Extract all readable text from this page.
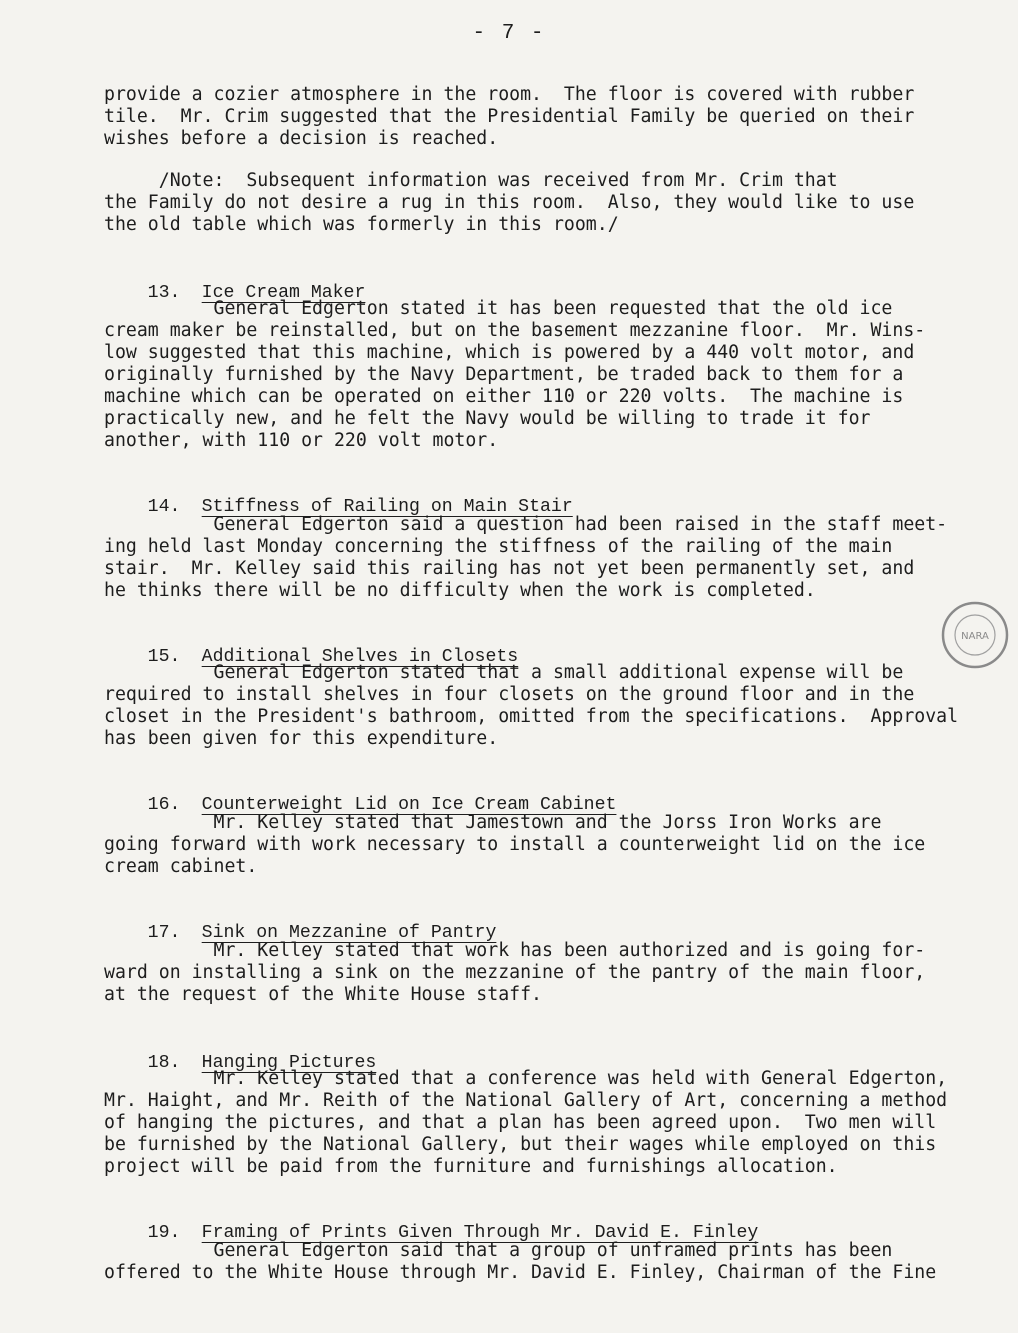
- 7 -
provide a cozier atmosphere in the room.  The floor is covered with rubber
tile.  Mr. Crim suggested that the Presidential Family be queried on their
wishes before a decision is reached.
/Note:  Subsequent information was received from Mr. Crim that
the Family do not desire a rug in this room.  Also, they would like to use
the old table which was formerly in this room./

13. Ice Cream Maker

General Edgerton stated it has been requested that the old ice
cream maker be reinstalled, but on the basement mezzanine floor.  Mr. Wins-
low suggested that this machine, which is powered by a 440 volt motor, and
originally furnished by the Navy Department, be traded back to them for a
machine which can be operated on either 110 or 220 volts.  The machine is
practically new, and he felt the Navy would be willing to trade it for
another, with 110 or 220 volt motor.

14. Stiffness of Railing on Main Stair

General Edgerton said a question had been raised in the staff meet-
ing held last Monday concerning the stiffness of the railing of the main
stair.  Mr. Kelley said this railing has not yet been permanently set, and
he thinks there will be no difficulty when the work is completed.

15. Additional Shelves in Closets

General Edgerton stated that a small additional expense will be
required to install shelves in four closets on the ground floor and in the
closet in the President's bathroom, omitted from the specifications.  Approval
has been given for this expenditure.

16. Counterweight Lid on Ice Cream Cabinet

Mr. Kelley stated that Jamestown and the Jorss Iron Works are
going forward with work necessary to install a counterweight lid on the ice
cream cabinet.

17. Sink on Mezzanine of Pantry

Mr. Kelley stated that work has been authorized and is going for-
ward on installing a sink on the mezzanine of the pantry of the main floor,
at the request of the White House staff.

18. Hanging Pictures

Mr. Kelley stated that a conference was held with General Edgerton,
Mr. Haight, and Mr. Reith of the National Gallery of Art, concerning a method
of hanging the pictures, and that a plan has been agreed upon.  Two men will
be furnished by the National Gallery, but their wages while employed on this
project will be paid from the furniture and furnishings allocation.

19. Framing of Prints Given Through Mr. David E. Finley

General Edgerton said that a group of unframed prints has been
offered to the White House through Mr. David E. Finley, Chairman of the Fine
NARA
